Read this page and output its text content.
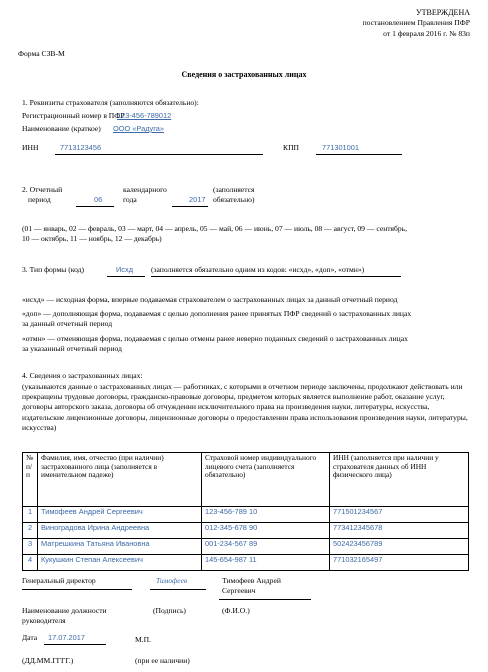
УТВЕРЖДЕНА
постановлением Правления ПФР
от 1 февраля 2016 г. № 83п
Форма СЗВ-М
Сведения о застрахованных лицах
1. Реквизиты страхователя (заполняются обязательно):
Регистрационный номер в ПФР
123-456-789012
Наименование (краткое) ООО «Радуга»
ИНН	7713123456	КПП	771301001
2. Отчетный
период	06
календарного
года	2017
(заполняется
обязательно)
(01 — январь, 02 — февраль, 03 — март, 04 — апрель, 05 — май, 06 — июнь, 07 — июль, 08 — август, 09 — сентябрь,
10 — октябрь, 11 — ноябрь, 12 — декабрь)
3. Тип формы (код)	Исхд (заполняется обязательно одним из кодов: «исхд», «доп», «отмн»)
«исхд» — исходная форма, впервые подаваемая страхователем о застрахованных лицах за данный отчетный период
«доп» — дополняющая форма, подаваемая с целью дополнения ранее принятых ПФР сведений о застрахованных лицах
за данный отчетный период
«отмн» — отменяющая форма, подаваемая с целью отмены ранее неверно поданных сведений о застрахованных лицах
за указанный отчетный период
4. Сведения о застрахованных лицах:
(указываются данные о застрахованных лицах — работниках, с которыми в отчетном периоде заключены, продолжают действовать или прекращены трудовые договоры, гражданско-правовые договоры, предметом которых является выполнение работ, оказание услуг, договоры авторского заказа, договоры об отчуждении исключительного права на произведения науки, литературы, искусства, издательские лицензионные договоры, лицензионные договоры о предоставлении права использования произведения науки, литературы, искусства)
№ п/п	Фамилия, имя, отчество (при наличии) застрахованного лица (заполняется в именительном падеже)	Страховой номер индивидуального лицевого счета (заполняется обязательно)	ИНН (заполняется при наличии у страхователя данных об ИНН физического лица)
1	Тимофеев Андрей Сергеевич	123-456-789 10	771501234567
2	Виноградова Ирина Андреевна	012-345-678 90	773412345678
3	Матрешкина Татьяна Ивановна	001-234-567 89	502423456789
4	Кукушкин Степан Алексеевич	145-654-987 11	771032165497
Генеральный директор	Тимофеев	Тимофеев Андрей
Сергеевич
Наименование должности
руководителя
(Подпись)	(Ф.И.О.)
Дата 17.07.2017	М.П.
(ДД.ММ.ГГГГ.)	(при ее наличии)
